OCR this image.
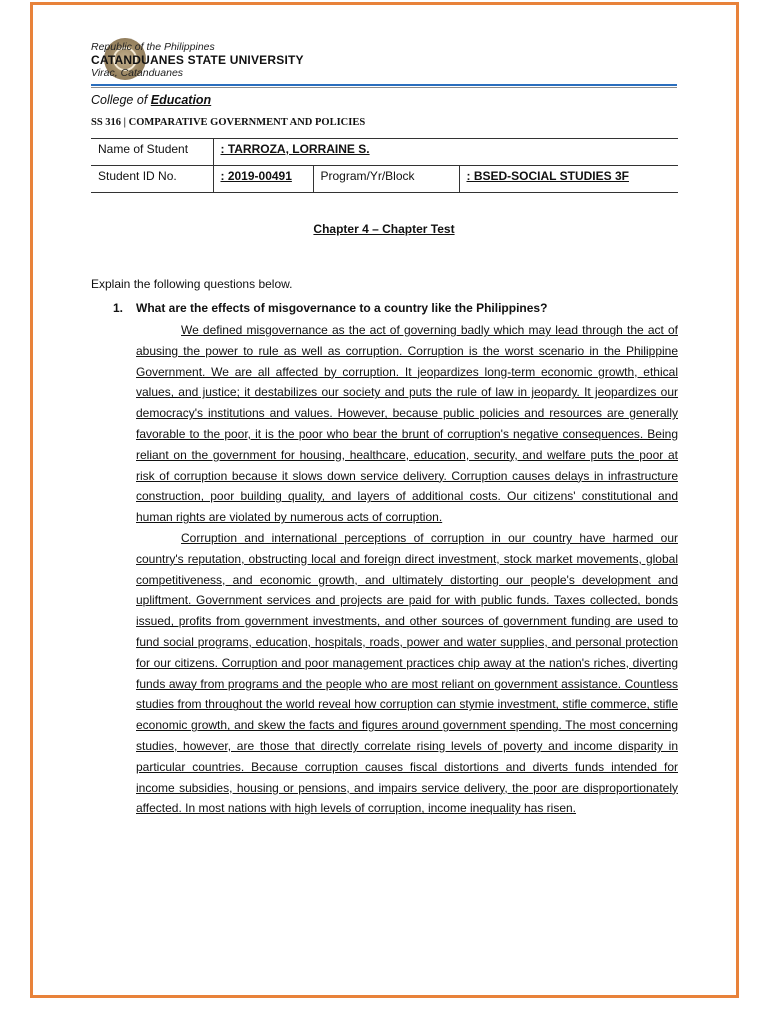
Republic of the Philippines
CATANDUANES STATE UNIVERSITY
Virac, Catanduanes
College of Education
SS 316 | COMPARATIVE GOVERNMENT AND POLICIES
Name of Student	: TARROZA, LORRAINE S.		
Student ID No.	: 2019-00491	Program/Yr/Block	: BSED-SOCIAL STUDIES 3F
Chapter 4 – Chapter Test
Explain the following questions below.
1. What are the effects of misgovernance to a country like the Philippines?

We defined misgovernance as the act of governing badly which may lead through the act of abusing the power to rule as well as corruption. Corruption is the worst scenario in the Philippine Government. We are all affected by corruption. It jeopardizes long-term economic growth, ethical values, and justice; it destabilizes our society and puts the rule of law in jeopardy. It jeopardizes our democracy's institutions and values. However, because public policies and resources are generally favorable to the poor, it is the poor who bear the brunt of corruption's negative consequences. Being reliant on the government for housing, healthcare, education, security, and welfare puts the poor at risk of corruption because it slows down service delivery. Corruption causes delays in infrastructure construction, poor building quality, and layers of additional costs. Our citizens' constitutional and human rights are violated by numerous acts of corruption.

Corruption and international perceptions of corruption in our country have harmed our country's reputation, obstructing local and foreign direct investment, stock market movements, global competitiveness, and economic growth, and ultimately distorting our people's development and upliftment. Government services and projects are paid for with public funds. Taxes collected, bonds issued, profits from government investments, and other sources of government funding are used to fund social programs, education, hospitals, roads, power and water supplies, and personal protection for our citizens. Corruption and poor management practices chip away at the nation's riches, diverting funds away from programs and the people who are most reliant on government assistance. Countless studies from throughout the world reveal how corruption can stymie investment, stifle commerce, stifle economic growth, and skew the facts and figures around government spending. The most concerning studies, however, are those that directly correlate rising levels of poverty and income disparity in particular countries. Because corruption causes fiscal distortions and diverts funds intended for income subsidies, housing or pensions, and impairs service delivery, the poor are disproportionately affected. In most nations with high levels of corruption, income inequality has risen.
